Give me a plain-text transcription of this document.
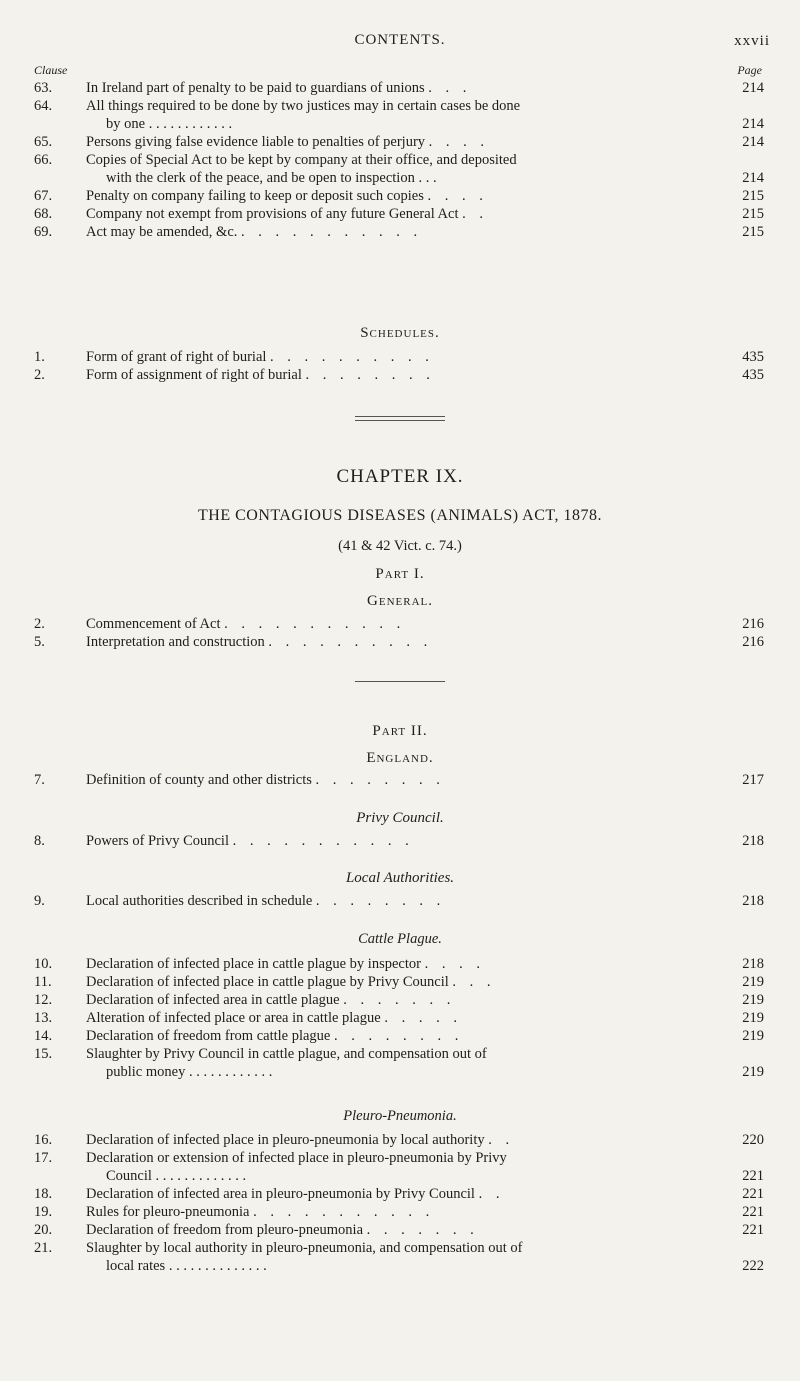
CONTENTS.	xxvii
Clause	Page
63.	In Ireland part of penalty to be paid to guardians of unions . . .	214
64.	All things required to be done by two justices may in certain cases be done
by one . . . . . . . . . . . .	214
65.	Persons giving false evidence liable to penalties of perjury . . . .	214
66.	Copies of Special Act to be kept by company at their office, and deposited
with the clerk of the peace, and be open to inspection . . .	214
67.	Penalty on company failing to keep or deposit such copies . . . .	215
68.	Company not exempt from provisions of any future General Act . .	215
69.	Act may be amended, &c. . . . . . . . . . . .	215
Schedules.
1.	Form of grant of right of burial . . . . . . . . . .	435
2.	Form of assignment of right of burial . . . . . . . .	435
CHAPTER IX.
THE CONTAGIOUS DISEASES (ANIMALS) ACT, 1878.
(41 & 42 Vict. c. 74.)
Part I.
General.
2.	Commencement of Act . . . . . . . . . . .	216
5.	Interpretation and construction . . . . . . . . . .	216
Part II.
England.
7.	Definition of county and other districts . . . . . . . .	217
Privy Council.
8.	Powers of Privy Council . . . . . . . . . . .	218
Local Authorities.
9.	Local authorities described in schedule . . . . . . . .	218
Cattle Plague.
10.	Declaration of infected place in cattle plague by inspector . . . .	218
11.	Declaration of infected place in cattle plague by Privy Council . . .	219
12.	Declaration of infected area in cattle plague . . . . . . .	219
13.	Alteration of infected place or area in cattle plague . . . . .	219
14.	Declaration of freedom from cattle plague . . . . . . . .	219
15.	Slaughter by Privy Council in cattle plague, and compensation out of
public money . . . . . . . . . . . .	219
Pleuro-Pneumonia.
16.	Declaration of infected place in pleuro-pneumonia by local authority . .	220
17.	Declaration or extension of infected place in pleuro-pneumonia by Privy
Council . . . . . . . . . . . . .	221
18.	Declaration of infected area in pleuro-pneumonia by Privy Council . .	221
19.	Rules for pleuro-pneumonia . . . . . . . . . . .	221
20.	Declaration of freedom from pleuro-pneumonia . . . . . . .	221
21.	Slaughter by local authority in pleuro-pneumonia, and compensation out of
local rates . . . . . . . . . . . . . .	222
